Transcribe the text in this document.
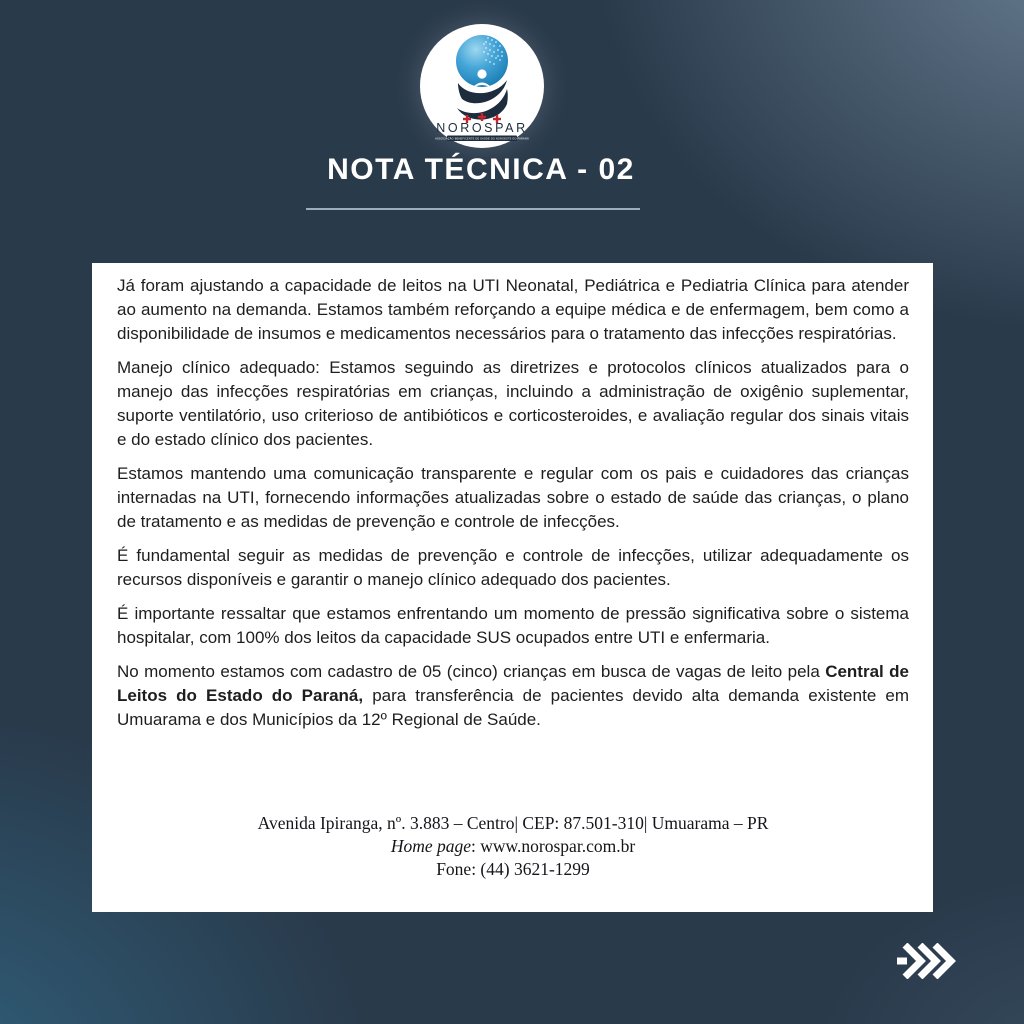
NOROSPAR
ASSOCIAÇÃO BENEFICENTE DE SAÚDE DO NOROESTE DO PARANÁ
NOTA TÉCNICA - 02

Já foram ajustando a capacidade de leitos na UTI Neonatal, Pediátrica e Pediatria Clínica para atender ao aumento na demanda. Estamos também reforçando a equipe médica e de enfermagem, bem como a disponibilidade de insumos e medicamentos necessários para o tratamento das infecções respiratórias.

Manejo clínico adequado: Estamos seguindo as diretrizes e protocolos clínicos atualizados para o manejo das infecções respiratórias em crianças, incluindo a administração de oxigênio suplementar, suporte ventilatório, uso criterioso de antibióticos e corticosteroides, e avaliação regular dos sinais vitais e do estado clínico dos pacientes.

Estamos mantendo uma comunicação transparente e regular com os pais e cuidadores das crianças internadas na UTI, fornecendo informações atualizadas sobre o estado de saúde das crianças, o plano de tratamento e as medidas de prevenção e controle de infecções.

É fundamental seguir as medidas de prevenção e controle de infecções, utilizar adequadamente os recursos disponíveis e garantir o manejo clínico adequado dos pacientes.

É importante ressaltar que estamos enfrentando um momento de pressão significativa sobre o sistema hospitalar, com 100% dos leitos da capacidade SUS ocupados entre UTI e enfermaria.

No momento estamos com cadastro de 05 (cinco) crianças em busca de vagas de leito pela Central de Leitos do Estado do Paraná, para transferência de pacientes devido alta demanda existente em Umuarama e dos Municípios da 12º Regional de Saúde.

Avenida Ipiranga, nº. 3.883 – Centro| CEP: 87.501-310| Umuarama – PR
Home page: www.norospar.com.br
Fone: (44) 3621-1299
